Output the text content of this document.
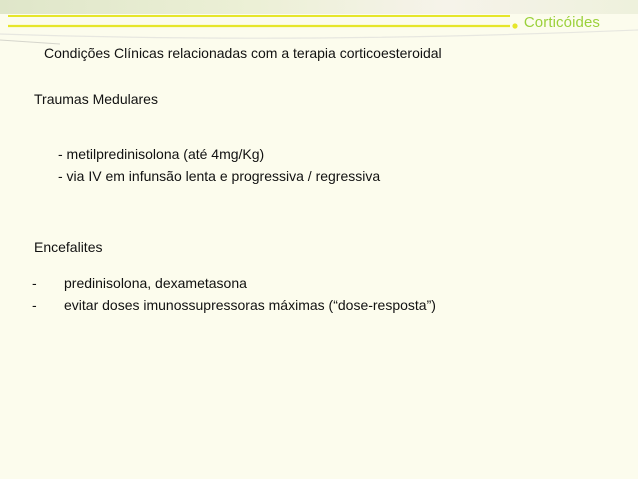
Corticóides
Condições Clínicas relacionadas com a terapia corticoesteroidal
Traumas Medulares
- metilpredinisolona (até 4mg/Kg)
- via IV em infunsão lenta e progressiva / regressiva
Encefalites
- predinisolona, dexametasona
- evitar doses imunossupressoras máximas (“dose-resposta”)
